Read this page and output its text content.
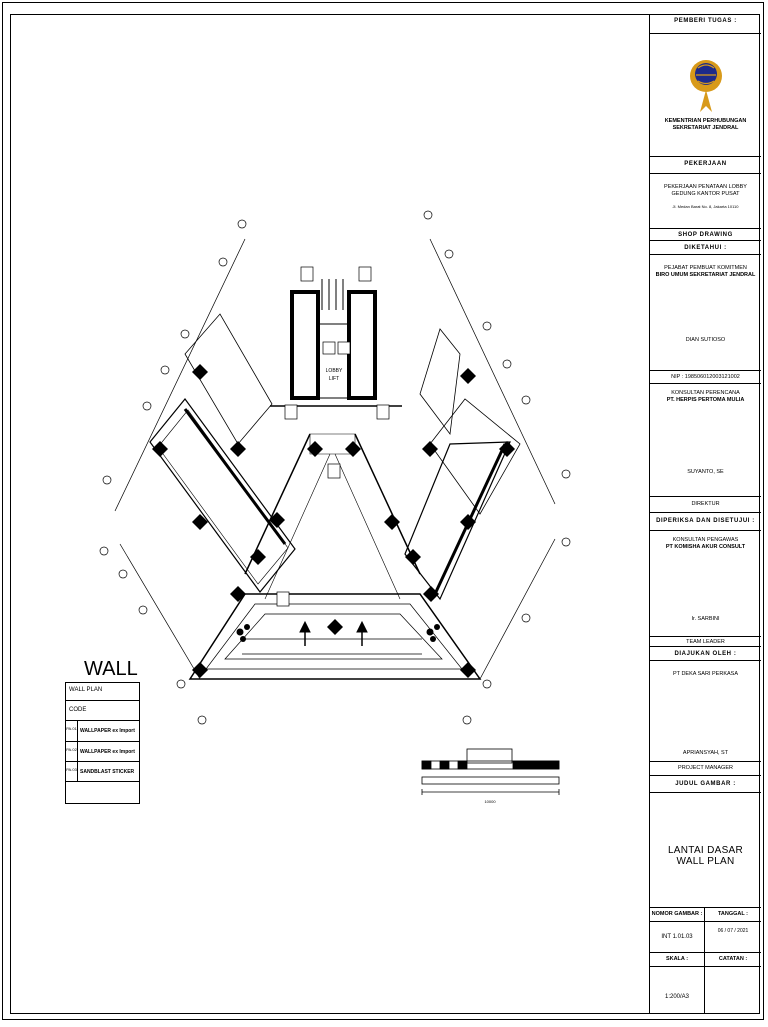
LOBBY
LIFT
10000
WALL
WALL PLAN
CODE
PA.01 WALLPAPER ex Import
PA.02 WALLPAPER ex Import
PA.03 SANDBLAST STICKER
PEMBERI TUGAS :
KEMENTRIAN PERHUBUNGAN
SEKRETARIAT JENDRAL
PEKERJAAN
PEKERJAAN PENATAAN LOBBY
GEDUNG KANTOR PUSAT
Jl. Medan Barat No. 8, Jakarta 10110
SHOP DRAWING
DIKETAHUI :
PEJABAT PEMBUAT KOMITMEN
BIRO UMUM SEKRETARIAT JENDRAL
DIAN SUTIOSO
NIP : 198506012003121002
KONSULTAN PERENCANA
PT. HERPIS PERTOMA MULIA
SUYANTO, SE
DIREKTUR
DIPERIKSA DAN DISETUJUI :
KONSULTAN PENGAWAS
PT KOMISHA AKUR CONSULT
Ir. SARBINI
TEAM LEADER
DIAJUKAN OLEH :
PT DEKA SARI PERKASA
APRIANSYAH, ST
PROJECT MANAGER
JUDUL GAMBAR :
LANTAI DASAR
WALL PLAN
NOMOR GAMBAR :	TANGGAL :
INT 1.01.03
06 / 07 / 2021
SKALA :	CATATAN :
1:200/A3
